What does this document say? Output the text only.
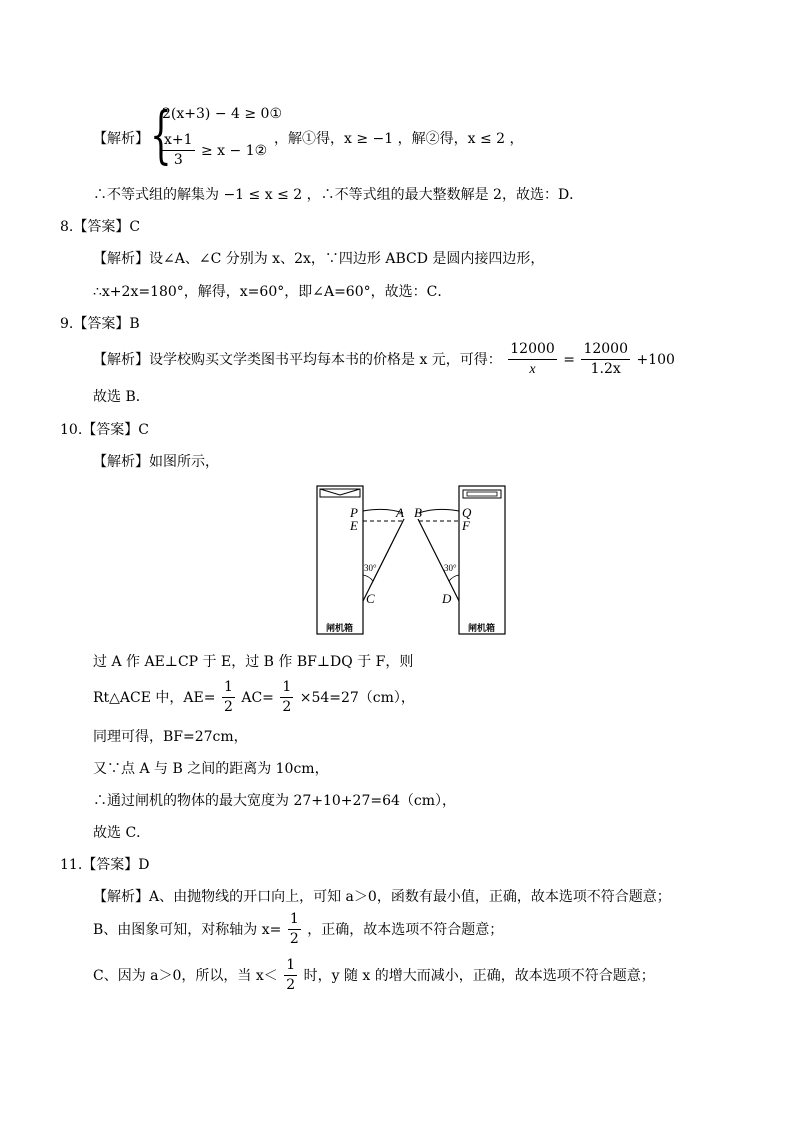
【解析】 {
2(x+3) − 4 ≥ 0①
$\frac{x+1}{3} \ge x$ − 1②
，解①得，x ≥ −1 ，解②得，x ≤ 2 ，
∴不等式组的解集为 −1 ≤ x ≤ 2 ，∴不等式组的最大整数解是 2，故选：D．
8.【答案】C
【解析】设∠A、∠C 分别为 x、2x，∵四边形 ABCD 是圆内接四边形，
∴x+2x=180°，解得，x=60°，即∠A=60°，故选：C．
9.【答案】B
【解析】设学校购买文学类图书平均每本书的价格是 x 元，可得： $\frac{12000}{x} = \frac{12000}{1.2x} +100$
故选 B．
10.【答案】C
【解析】如图所示，
P
E
A B	Q
F
C	D
30°	30°
闸机箱	闸机箱
过 A 作 AE⊥CP 于 E，过 B 作 BF⊥DQ 于 F，则
Rt△ACE 中，$AE= \frac{1}{2} AC= \frac{1}{2} \times 54=27(cm)$，
同理可得，BF=27cm，
又∵点 A 与 B 之间的距离为 10cm，
∴通过闸机的物体的最大宽度为 27+10+27=64（cm），
故选 C．
11.【答案】D
【解析】A、由抛物线的开口向上，可知 a＞0，函数有最小值，正确，故本选项不符合题意；
B、由图象可知，对称轴为 $x= \frac{1}{2}$ ，正确，故本选项不符合题意；
C、因为 a＞0，所以，当 $x< \frac{1}{2}$ 时，y 随 x 的增大而减小，正确，故本选项不符合题意；
